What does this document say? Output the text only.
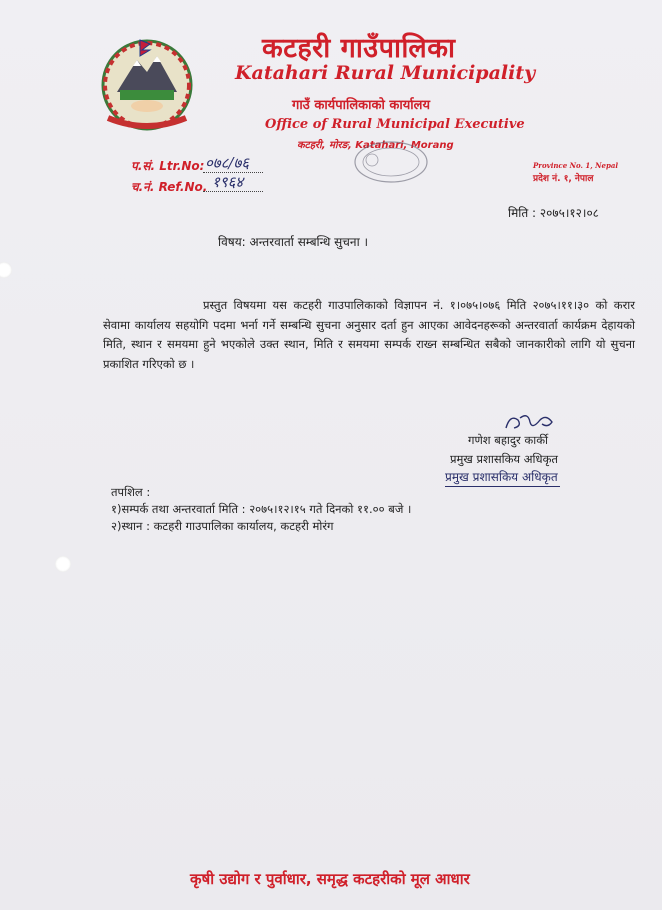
कटहरी गाउँपालिका
Katahari Rural Municipality
गाउँ कार्यपालिकाको कार्यालय
Office of Rural Municipal Executive
कटहरी, मोरङ, Katahari, Morang
प.सं. Ltr.No: ०७८/७६
च.नं. Ref.No. १९६४
Province No. 1, Nepal
प्रदेश नं. १, नेपाल
मिति : २०७५।१२।०८
विषय: अन्तरवार्ता सम्बन्धि सुचना ।
प्रस्तुत विषयमा यस कटहरी गाउपालिकाको विज्ञापन नं. १।०७५।०७६ मिति २०७५।११।३० को करार सेवामा कार्यालय सहयोगि पदमा भर्ना गर्ने सम्बन्धि सुचना अनुसार दर्ता हुन आएका आवेदनहरूको अन्तरवार्ता कार्यक्रम देहायको मिति, स्थान र समयमा हुने भएकोले उक्त स्थान, मिति र समयमा सम्पर्क राख्न सम्बन्धित सबैको जानकारीको लागि यो सुचना प्रकाशित गरिएको छ ।
गणेश बहादुर कार्की
प्रमुख प्रशासकिय अधिकृत
प्रमुख प्रशासकिय अधिकृत
तपशिल :
१)सम्पर्क तथा अन्तरवार्ता मिति : २०७५।१२।१५ गते दिनको ११.०० बजे ।
२)स्थान : कटहरी गाउपालिका कार्यालय, कटहरी मोरंग
कृषी उद्योग र पुर्वाधार, समृद्ध कटहरीको मूल आधार
